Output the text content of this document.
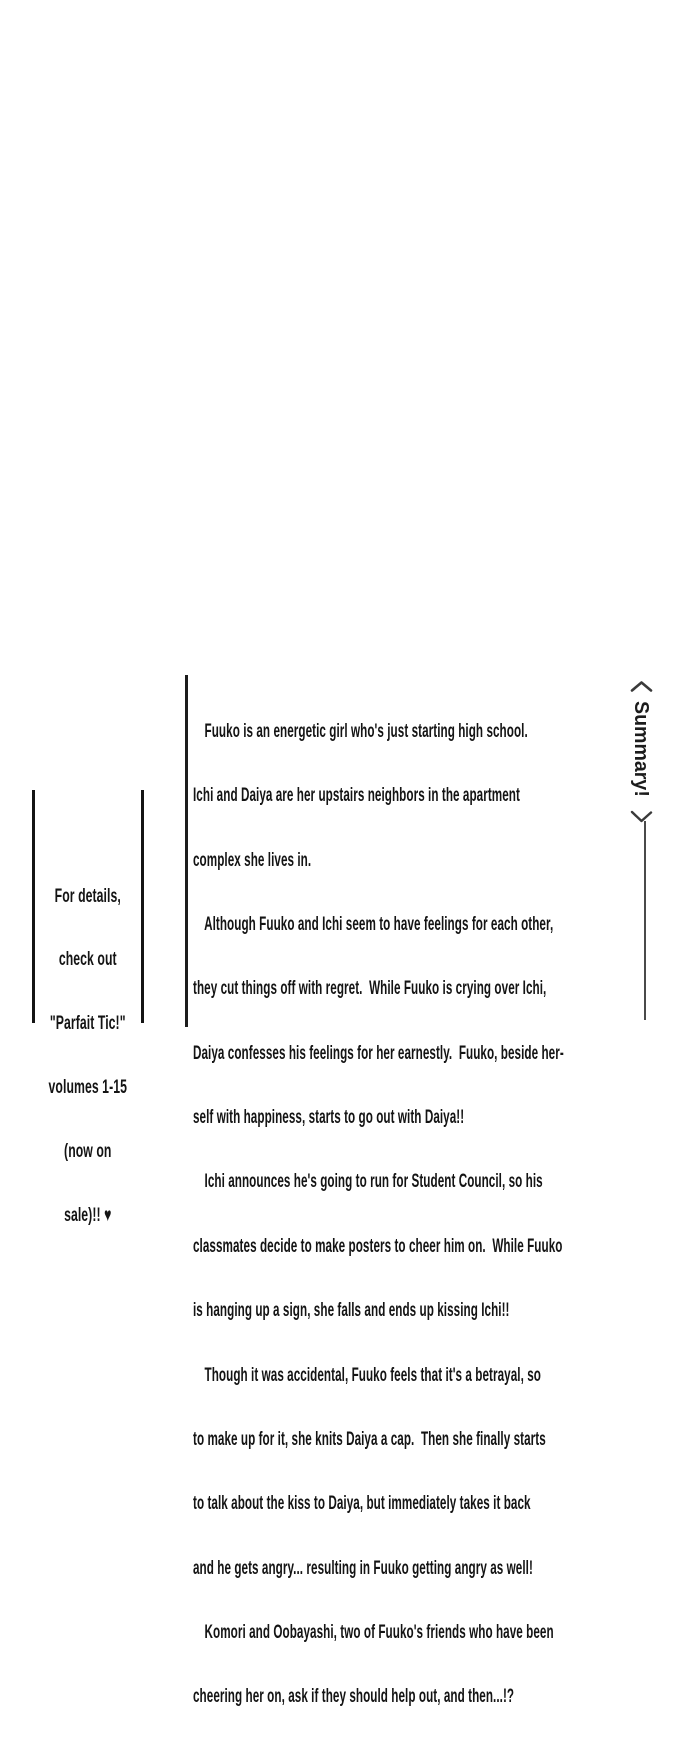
For details,

check out

"Parfait Tic!"

volumes 1-15

(now on

sale)!! ♥

Fuuko is an energetic girl who's just starting high school.

Ichi and Daiya are her upstairs neighbors in the apartment

complex she lives in.

Although Fuuko and Ichi seem to have feelings for each other,

they cut things off with regret.  While Fuuko is crying over Ichi,

Daiya confesses his feelings for her earnestly.  Fuuko, beside her-

self with happiness, starts to go out with Daiya!!

Ichi announces he's going to run for Student Council, so his

classmates decide to make posters to cheer him on.  While Fuuko

is hanging up a sign, she falls and ends up kissing Ichi!!

Though it was accidental, Fuuko feels that it's a betrayal, so

to make up for it, she knits Daiya a cap.  Then she finally starts

to talk about the kiss to Daiya, but immediately takes it back

and he gets angry... resulting in Fuuko getting angry as well!

Komori and Oobayashi, two of Fuuko's friends who have been

cheering her on, ask if they should help out, and then...!?

Summary!
